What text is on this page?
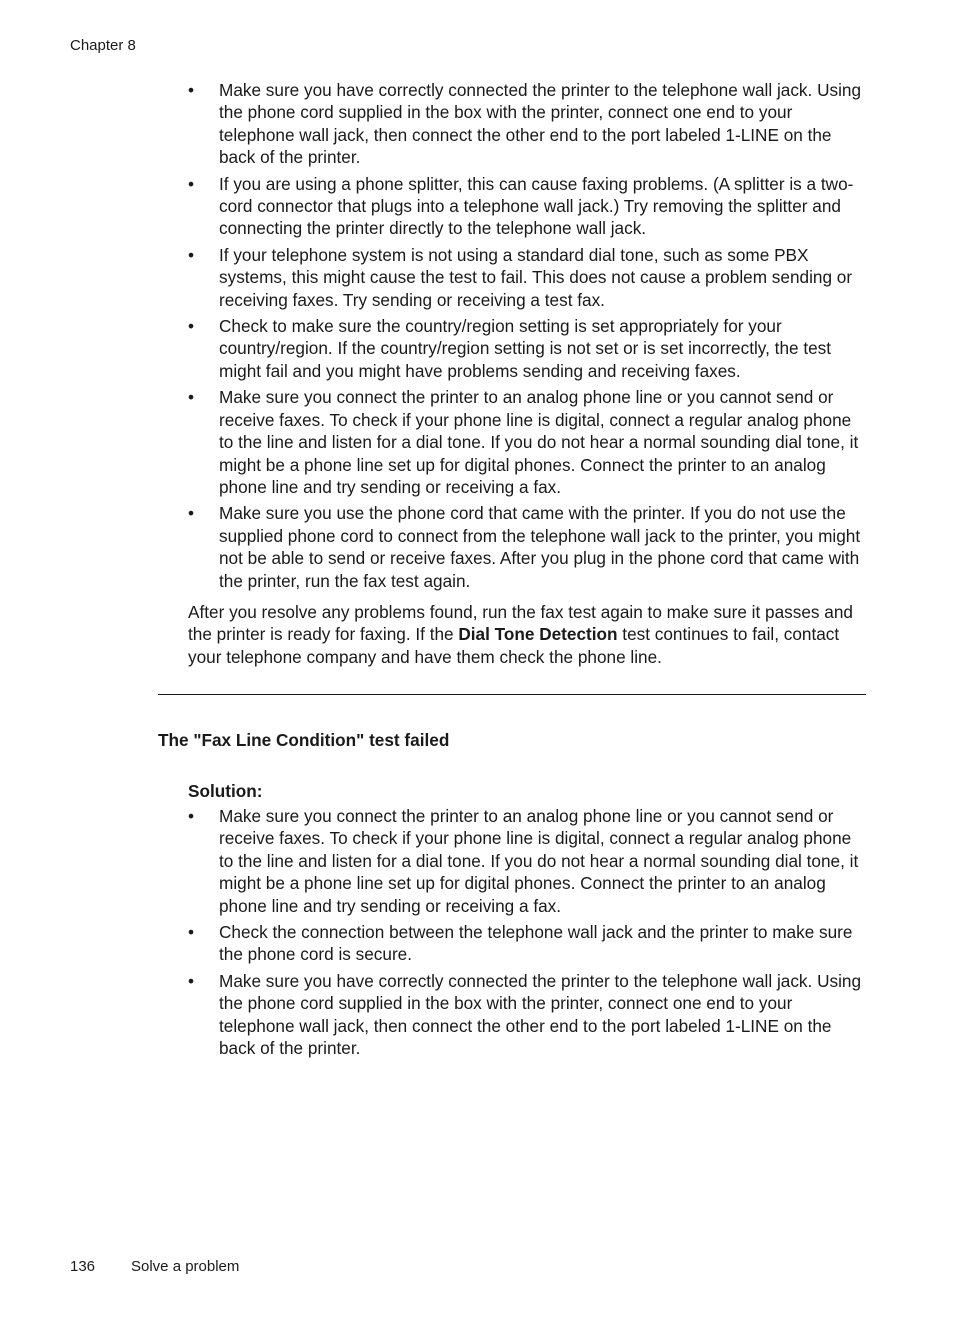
Chapter 8
• Make sure you have correctly connected the printer to the telephone wall jack. Using the phone cord supplied in the box with the printer, connect one end to your telephone wall jack, then connect the other end to the port labeled 1-LINE on the back of the printer.
• If you are using a phone splitter, this can cause faxing problems. (A splitter is a two-cord connector that plugs into a telephone wall jack.) Try removing the splitter and connecting the printer directly to the telephone wall jack.
• If your telephone system is not using a standard dial tone, such as some PBX systems, this might cause the test to fail. This does not cause a problem sending or receiving faxes. Try sending or receiving a test fax.
• Check to make sure the country/region setting is set appropriately for your country/region. If the country/region setting is not set or is set incorrectly, the test might fail and you might have problems sending and receiving faxes.
• Make sure you connect the printer to an analog phone line or you cannot send or receive faxes. To check if your phone line is digital, connect a regular analog phone to the line and listen for a dial tone. If you do not hear a normal sounding dial tone, it might be a phone line set up for digital phones. Connect the printer to an analog phone line and try sending or receiving a fax.
• Make sure you use the phone cord that came with the printer. If you do not use the supplied phone cord to connect from the telephone wall jack to the printer, you might not be able to send or receive faxes. After you plug in the phone cord that came with the printer, run the fax test again.

After you resolve any problems found, run the fax test again to make sure it passes and the printer is ready for faxing. If the Dial Tone Detection test continues to fail, contact your telephone company and have them check the phone line.

The "Fax Line Condition" test failed
Solution:
• Make sure you connect the printer to an analog phone line or you cannot send or receive faxes. To check if your phone line is digital, connect a regular analog phone to the line and listen for a dial tone. If you do not hear a normal sounding dial tone, it might be a phone line set up for digital phones. Connect the printer to an analog phone line and try sending or receiving a fax.
• Check the connection between the telephone wall jack and the printer to make sure the phone cord is secure.
• Make sure you have correctly connected the printer to the telephone wall jack. Using the phone cord supplied in the box with the printer, connect one end to your telephone wall jack, then connect the other end to the port labeled 1-LINE on the back of the printer.
136 Solve a problem
